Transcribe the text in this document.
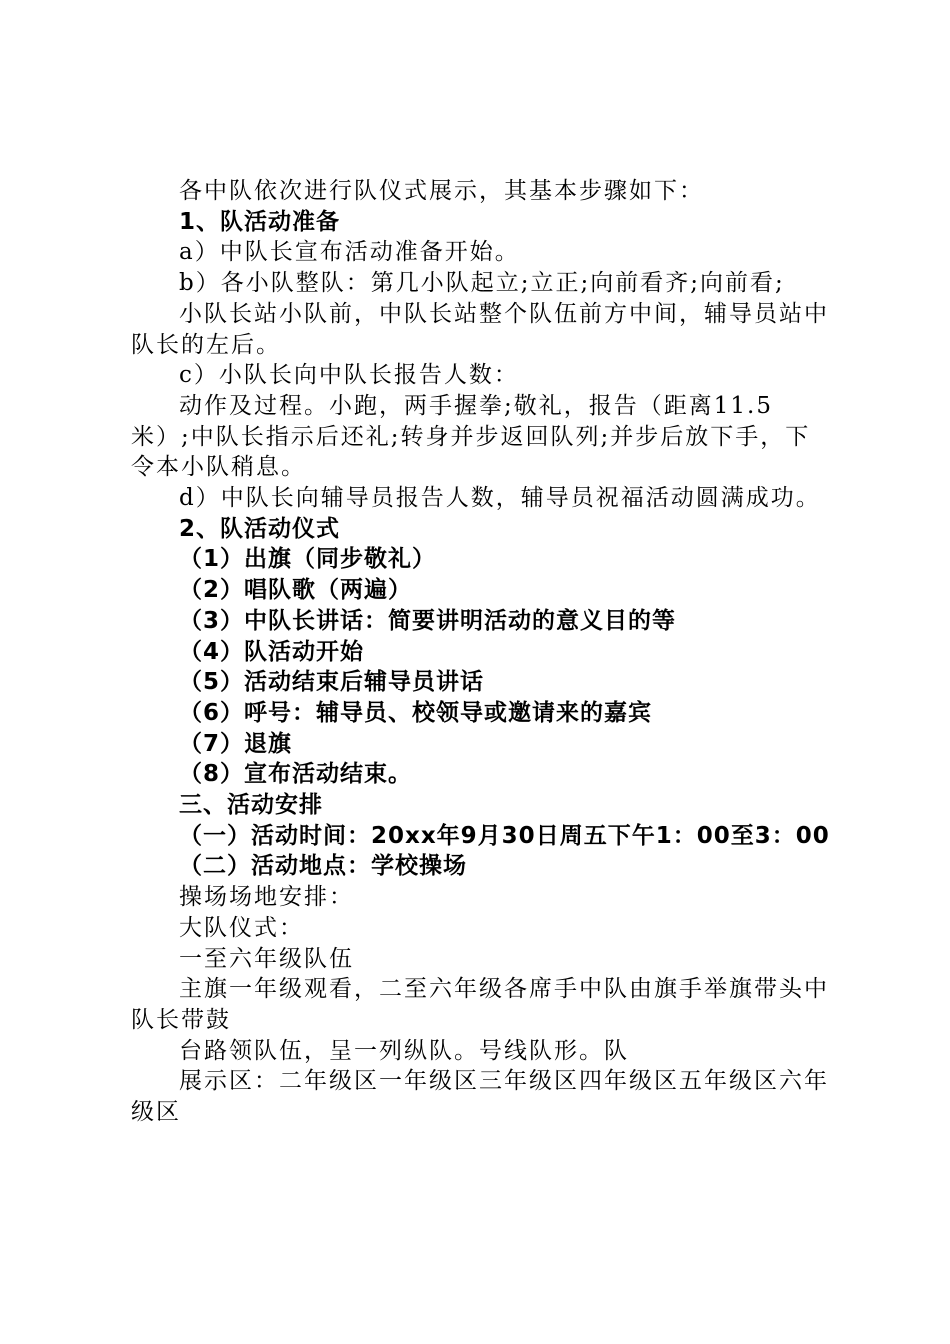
各中队依次进行队仪式展示，其基本步骤如下：

1、队活动准备

a）中队长宣布活动准备开始。

b）各小队整队：第几小队起立;立正;向前看齐;向前看;

小队长站小队前，中队长站整个队伍前方中间，辅导员站中队长的左后。

c）小队长向中队长报告人数：

动作及过程。小跑，两手握拳;敬礼，报告（距离11.5米）;中队长指示后还礼;转身并步返回队列;并步后放下手，下令本小队稍息。

d）中队长向辅导员报告人数，辅导员祝福活动圆满成功。

2、队活动仪式

（1）出旗（同步敬礼）

（2）唱队歌（两遍）

（3）中队长讲话：简要讲明活动的意义目的等

（4）队活动开始

（5）活动结束后辅导员讲话

（6）呼号：辅导员、校领导或邀请来的嘉宾

（7）退旗

（8）宣布活动结束。

三、活动安排

（一）活动时间：20xx年9月30日周五下午1：00至3：00

（二）活动地点：学校操场

操场场地安排：

大队仪式：

一至六年级队伍

主旗一年级观看，二至六年级各席手中队由旗手举旗带头中队长带鼓

台路领队伍，呈一列纵队。号线队形。队

展示区：二年级区一年级区三年级区四年级区五年级区六年级区
